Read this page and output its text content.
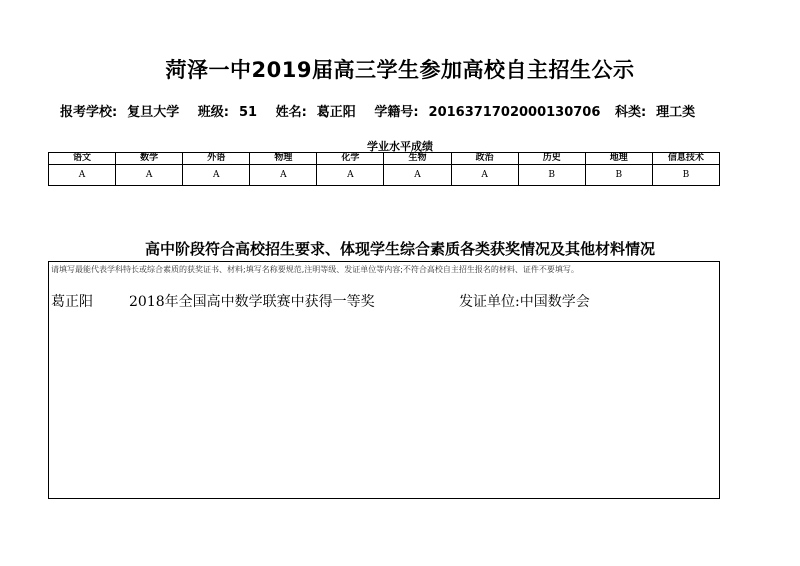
菏泽一中2019届高三学生参加高校自主招生公示
报考学校: 复旦大学 班级: 51 姓名: 葛正阳 学籍号: 2016371702000130706 科类: 理工类
学业水平成绩
语文	数学	外语	物理	化学	生物	政治	历史	地理	信息技术
A	A	A	A	A	A	A	B	B	B
高中阶段符合高校招生要求、体现学生综合素质各类获奖情况及其他材料情况
请填写最能代表学科特长或综合素质的获奖证书、材料;填写名称要规范,注明等级、发证单位等内容;不符合高校自主招生报名的材料、证件不要填写。
葛正阳	2018年全国高中数学联赛中获得一等奖	发证单位:中国数学会
